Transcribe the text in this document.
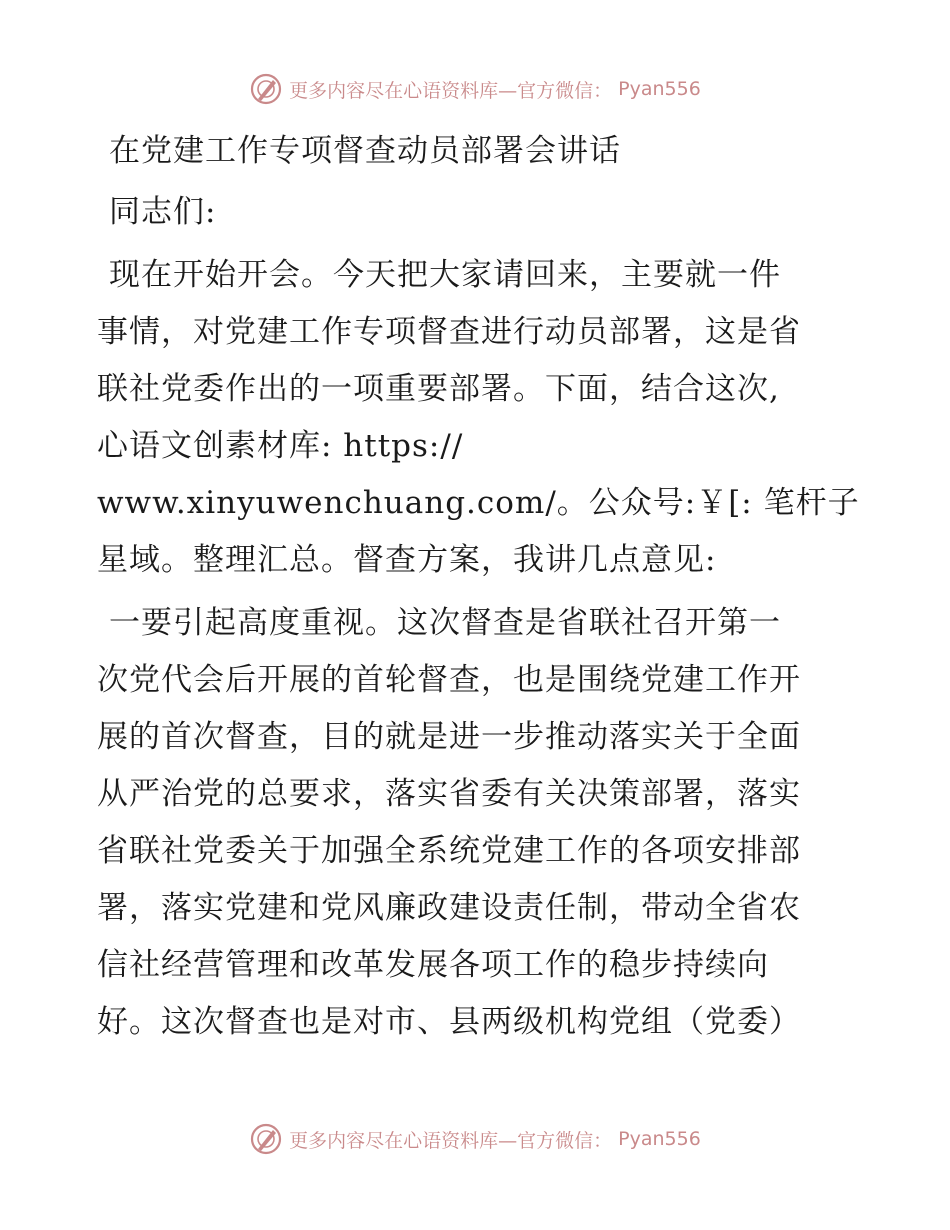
更多内容尽在心语资料库—官方微信： Pyan556
在党建工作专项督查动员部署会讲话
同志们:
现在开始开会。今天把大家请回来，主要就一件
事情，对党建工作专项督查进行动员部署，这是省
联社党委作出的一项重要部署。下面，结合这次,
心语文创素材库: https://
www.xinyuwenchuang.com/。公众号:￥[: 笔杆子
星域。整理汇总。督查方案，我讲几点意见:
一要引起高度重视。这次督查是省联社召开第一
次党代会后开展的首轮督查，也是围绕党建工作开
展的首次督查，目的就是进一步推动落实关于全面
从严治党的总要求，落实省委有关决策部署，落实
省联社党委关于加强全系统党建工作的各项安排部
署，落实党建和党风廉政建设责任制，带动全省农
信社经营管理和改革发展各项工作的稳步持续向
好。这次督查也是对市、县两级机构党组（党委）
更多内容尽在心语资料库—官方微信： Pyan556
